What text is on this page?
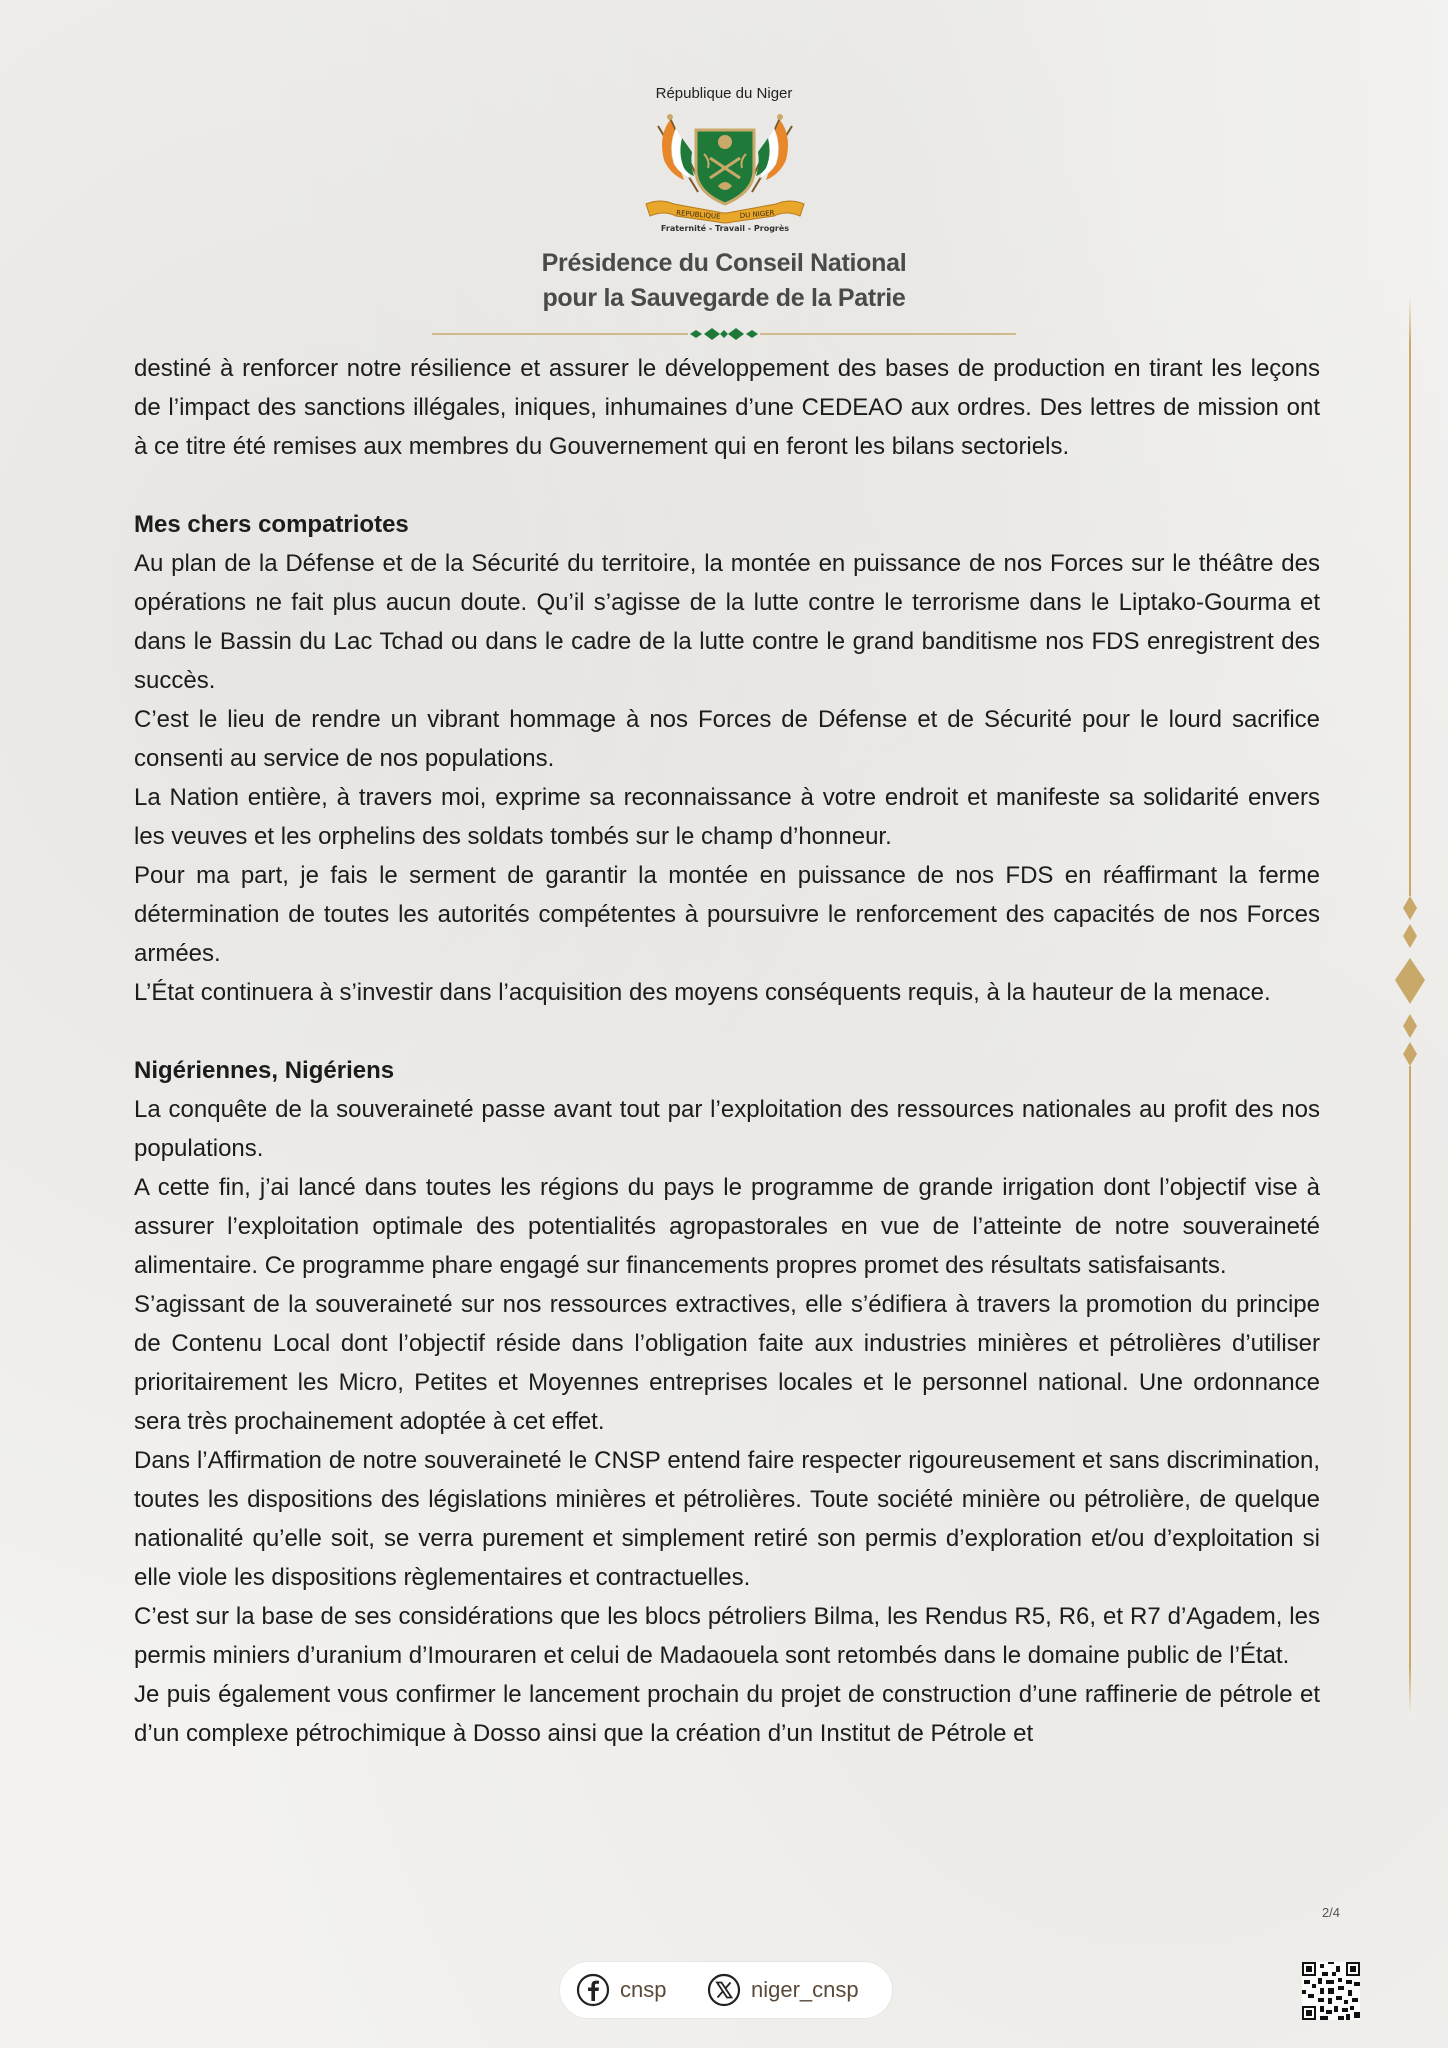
République du Niger
REPUBLIQUE	DU NIGER
Fraternité - Travail - Progrès
Présidence du Conseil National
pour la Sauvegarde de la Patrie

destiné à renforcer notre résilience et assurer le développement des bases de production en tirant les leçons de l’impact des sanctions illégales, iniques, inhumaines d’une CEDEAO aux ordres. Des lettres de mission ont à ce titre été remises aux membres du Gouvernement qui en feront les bilans sectoriels.

Mes chers compatriotes

Au plan de la Défense et de la Sécurité du territoire, la montée en puissance de nos Forces sur le théâtre des opérations ne fait plus aucun doute. Qu’il s’agisse de la lutte contre le terrorisme dans le Liptako-Gourma et dans le Bassin du Lac Tchad ou dans le cadre de la lutte contre le grand banditisme nos FDS enregistrent des succès.

C’est le lieu de rendre un vibrant hommage à nos Forces de Défense et de Sécurité pour le lourd sacrifice consenti au service de nos populations.

La Nation entière, à travers moi, exprime sa reconnaissance à votre endroit et manifeste sa solidarité envers les veuves et les orphelins des soldats tombés sur le champ d’honneur.

Pour ma part, je fais le serment de garantir la montée en puissance de nos FDS en réaffirmant la ferme détermination de toutes les autorités compétentes à poursuivre le renforcement des capacités de nos Forces armées.

L’État continuera à s’investir dans l’acquisition des moyens conséquents requis, à la hauteur de la menace.

Nigériennes, Nigériens

La conquête de la souveraineté passe avant tout par l’exploitation des ressources nationales au profit des nos populations.

A cette fin, j’ai lancé dans toutes les régions du pays le programme de grande irrigation dont l’objectif vise à assurer l’exploitation optimale des potentialités agropastorales en vue de l’atteinte de notre souveraineté alimentaire. Ce programme phare engagé sur financements propres promet des résultats satisfaisants.

S’agissant de la souveraineté sur nos ressources extractives, elle s’édifiera à travers la promotion du principe de Contenu Local dont l’objectif réside dans l’obligation faite aux industries minières et pétrolières d’utiliser prioritairement les Micro, Petites et Moyennes entreprises locales et le personnel national. Une ordonnance sera très prochainement adoptée à cet effet.

Dans l’Affirmation de notre souveraineté le CNSP entend faire respecter rigoureusement et sans discrimination, toutes les dispositions des législations minières et pétrolières. Toute société minière ou pétrolière, de quelque nationalité qu’elle soit, se verra purement et simplement retiré son permis d’exploration et/ou d’exploitation si elle viole les dispositions règlementaires et contractuelles.

C’est sur la base de ses considérations que les blocs pétroliers Bilma, les Rendus R5, R6, et R7 d’Agadem, les permis miniers d’uranium d’Imouraren et celui de Madaouela sont retombés dans le domaine public de l’État.

Je puis également vous confirmer le lancement prochain du projet de construction d’une raffinerie de pétrole et d’un complexe pétrochimique à Dosso ainsi que la création d’un Institut de Pétrole et

cnsp	niger_cnsp
2/4
